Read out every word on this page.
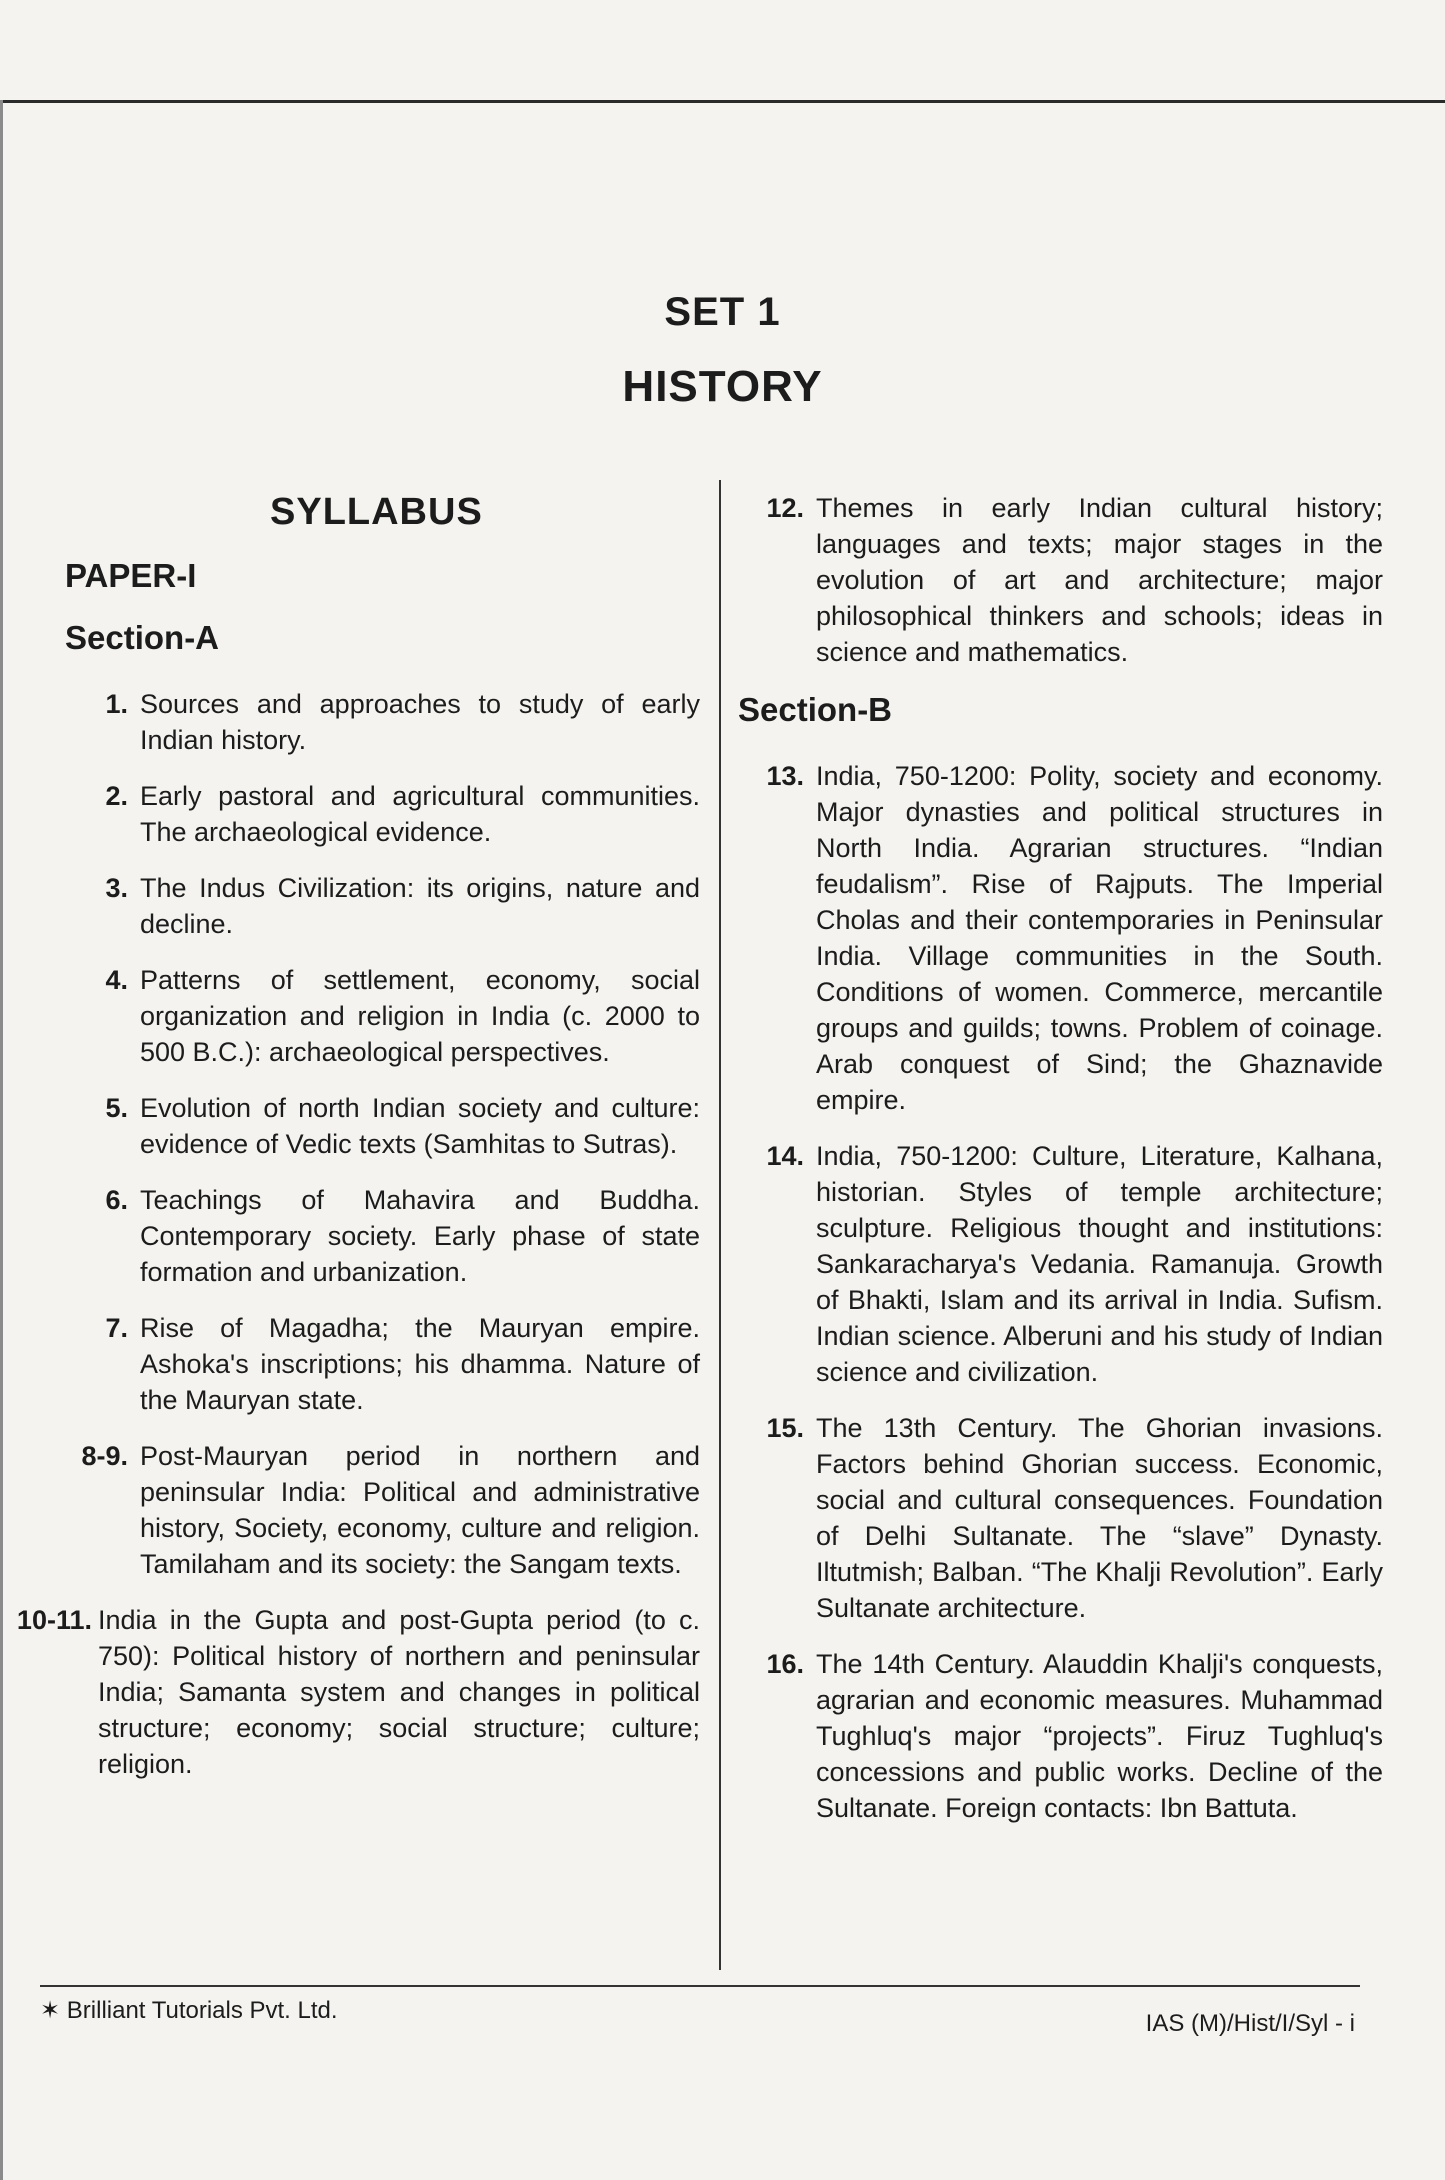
SET 1
HISTORY
SYLLABUS
PAPER-I
Section-A
1. Sources and approaches to study of early Indian history.
2. Early pastoral and agricultural communities. The archaeological evidence.
3. The Indus Civilization: its origins, nature and decline.
4. Patterns of settlement, economy, social organization and religion in India (c. 2000 to 500 B.C.): archaeological perspectives.
5. Evolution of north Indian society and culture: evidence of Vedic texts (Samhitas to Sutras).
6. Teachings of Mahavira and Buddha. Contemporary society. Early phase of state formation and urbanization.
7. Rise of Magadha; the Mauryan empire. Ashoka's inscriptions; his dhamma. Nature of the Mauryan state.
8-9. Post-Mauryan period in northern and peninsular India: Political and administrative history, Society, economy, culture and religion. Tamilaham and its society: the Sangam texts.
10-11. India in the Gupta and post-Gupta period (to c. 750): Political history of northern and peninsular India; Samanta system and changes in political structure; economy; social structure; culture; religion.
12. Themes in early Indian cultural history; languages and texts; major stages in the evolution of art and architecture; major philosophical thinkers and schools; ideas in science and mathematics.
Section-B
13. India, 750-1200: Polity, society and economy. Major dynasties and political structures in North India. Agrarian structures. “Indian feudalism”. Rise of Rajputs. The Imperial Cholas and their contemporaries in Peninsular India. Village communities in the South. Conditions of women. Commerce, mercantile groups and guilds; towns. Problem of coinage. Arab conquest of Sind; the Ghaznavide empire.
14. India, 750-1200: Culture, Literature, Kalhana, historian. Styles of temple architecture; sculpture. Religious thought and institutions: Sankaracharya's Vedania. Ramanuja. Growth of Bhakti, Islam and its arrival in India. Sufism. Indian science. Alberuni and his study of Indian science and civilization.
15. The 13th Century. The Ghorian invasions. Factors behind Ghorian success. Economic, social and cultural consequences. Foundation of Delhi Sultanate. The “slave” Dynasty. Iltutmish; Balban. “The Khalji Revolution”. Early Sultanate architecture.
16. The 14th Century. Alauddin Khalji's conquests, agrarian and economic measures. Muhammad Tughluq's major “projects”. Firuz Tughluq's concessions and public works. Decline of the Sultanate. Foreign contacts: Ibn Battuta.
✶ Brilliant Tutorials Pvt. Ltd.	IAS (M)/Hist/I/Syl - i
